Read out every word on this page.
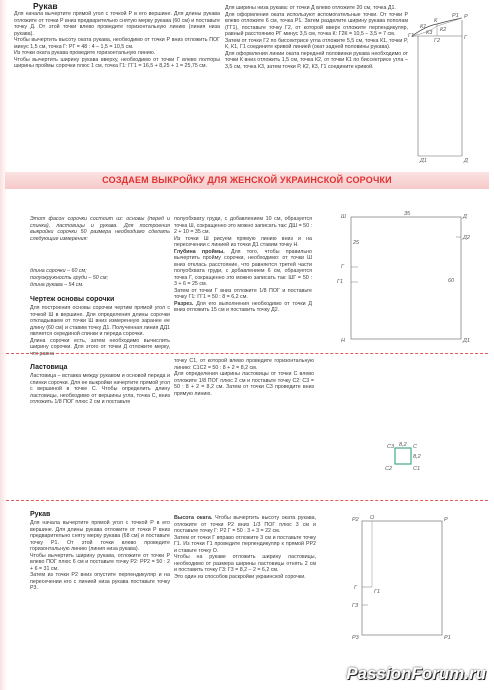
Рукав
Для начала вычертите прямой угол с точкой Р в его вершине. Для длины рукава отложите от точки Р вниз предварительно снятую мерку рукава (60 см) и поставьте точку Д. От этой точки влево проведите горизонтальную линию (линия низа рукава).
Чтобы вычертить высоту оката рукава, необходимо от точки Р вниз отложить ПОГ минус 1,5 см, точка Г: РГ = 48 : 4 – 1,5 = 10,5 см.
Из точки оката рукава проведите горизонтальную линию.
Чтобы вычертить ширину рукава вверху, необходимо от точки Г влево полторы ширины проймы сорочки плюс 1 см, точка Г1: ГГ1 = 16,5 + 8,25 + 1 = 25,75 см.
Для ширины низа рукава: от точки Д влево отложите 20 см, точка Д1.
Для оформления оката используют вспомогательные точки. От точки Р влево отложите 6 см, точка Р1. Затем разделите ширину рукава пополам (ГГ1), поставьте точку Г2, от которой вверх отложите перпендикуляр, равный расстоянию РГ минус 3,5 см, точка К: Г2К = 10,5 – 3,5 = 7 см.
Затем от точки Г2 по биссектрисе угла отложите 5,5 см, точка К1, точки Р, К, К1, Г1 соедините кривой линией (окат задней половины рукава).
Для оформления линии оката передней половинки рукава необходимо от точки К вниз отложить 1,5 см, точка К2, от точки К1 по биссектрисе угла – 3,5 см, точка К3, затем точки Р, К2, К3, Г1 соедините кривой.
Г1
К1
К
Р1 Р
К3 К2
Г2	Г
Д1	Д
СОЗДАЕМ ВЫКРОЙКУ ДЛЯ ЖЕНСКОЙ УКРАИНСКОЙ СОРОЧКИ
Этот фасон сорочки состоит из: основы (перед и спинка), ластовицы и рукава. Для построения выкройки сорочки 50 размера необходимо сделать следующие измерения:
длина сорочки – 60 см;
полуокружность груди – 50 см;
длина рукава – 54 см.
Чертеж основы сорочки
Для построения основы сорочки чертим прямой угол с точкой Ш в вершине. Для определения длины сорочки откладываем от точки Ш вниз измеренную заранее ее длину (60 см) и ставим точку Д1. Полученная линия ДД1 является серединой спинки и переда сорочки.
Длина сорочки есть, затем необходимо вычислить ширину сорочки. Для этого от точки Д отложите мерку, что равна
полуобхвату груди, с добавлением 10 см, образуется точка Ш, сокращенно это можно записать так: ДШ = 50 : 2 + 10 = 35 см.
Из точки Ш рисуем прямую линию вниз и на пересечении с линией из точки Д1 ставим точку Н.
Глубина проймы. Для того, чтобы правильно вычертить пройму сорочки, необходимо: от точки Ш вниз отклась расстояние, что равняется третей части полуобхвата груди, с добавлением 6 см, образуется точка Г, сокращенно это можно записать так: ШГ = 50 : 3 + 6 = 25 см.
Затем от точки Г вниз отложите 1/8 ПОГ и поставьте точку Г1: ГГ1 = 50 : 8 = 6,2 см.
Разрез. Для его выполнения необходимо от точки Д вниз отложить 15 см и поставить точку Д2.
Ш	Д
Г
Г1
Н	Д1
Д2
35
25
60
Ластовица
Ластовица – вставка между рукавом и основой переда и спинки сорочки. Для ее выкройки начертите прямой угол с вершиной в точке С. Чтобы определить длину ластовицы, необходимо от вершины угла, точка С, вниз отложить 1/8 ПОГ плюс 2 см и поставьте
точку С1, от которой влево проведите горизонтальную линию: С1С2 = 50 : 8 + 2 = 8,2 см.
Для определения ширины ластовицы от точки С влево отложите 1/8 ПОГ плюс 2 см и поставьте точку С2: С3 = 50 : 8 + 2 = 8,2 см. Затем от точки С3 проведите вниз прямую линию.
С3	С
С1
С2
8,2
8,2
Рукав
Для начала вычертите прямой угол с точкой Р в его вершине. Для длины рукава отложите от точки Р вниз предварительно сняту мерку рукава (68 см) и поставьте точку Р1. От этой точки влево проведите горизонтальную линию (линия низа рукава).
Чтобы вычертить ширину рукава, отложите от точки Р влево ПОГ плюс 6 см и поставьте точку Р2: РР2 = 50 : 2 + 6 = 31 см.
Затем из точки Р2 вниз опустите перпендикуляр и на пересечении его с линией низа рукава поставьте точку Р3.
Высота оката. Чтобы вычертить высоту оката рукава, отложите от точки Р2 вниз 1/3 ПОГ плюс 3 см и поставьте точку Г: Р2 Г = 50 : 3 + 3 = 22 см.
Затем от точки Г вправо отложите 3 см и поставьте точку Г1. Из точки Г1 проведите перпендикуляр к прямой РР2 и ставьте точку О.
Чтобы на рукаве отложить ширину ластовицы, необходимо от размера ширины ластовицы отнять 2 см и поставить точку Г3: Г3 = 8,2 – 2 = 6,2 см.
Это один из способов раскройки украинской сорочки.
Р2 О	Р
Г1
Г
Г3
Р3	Р1
PassionForum.ru
